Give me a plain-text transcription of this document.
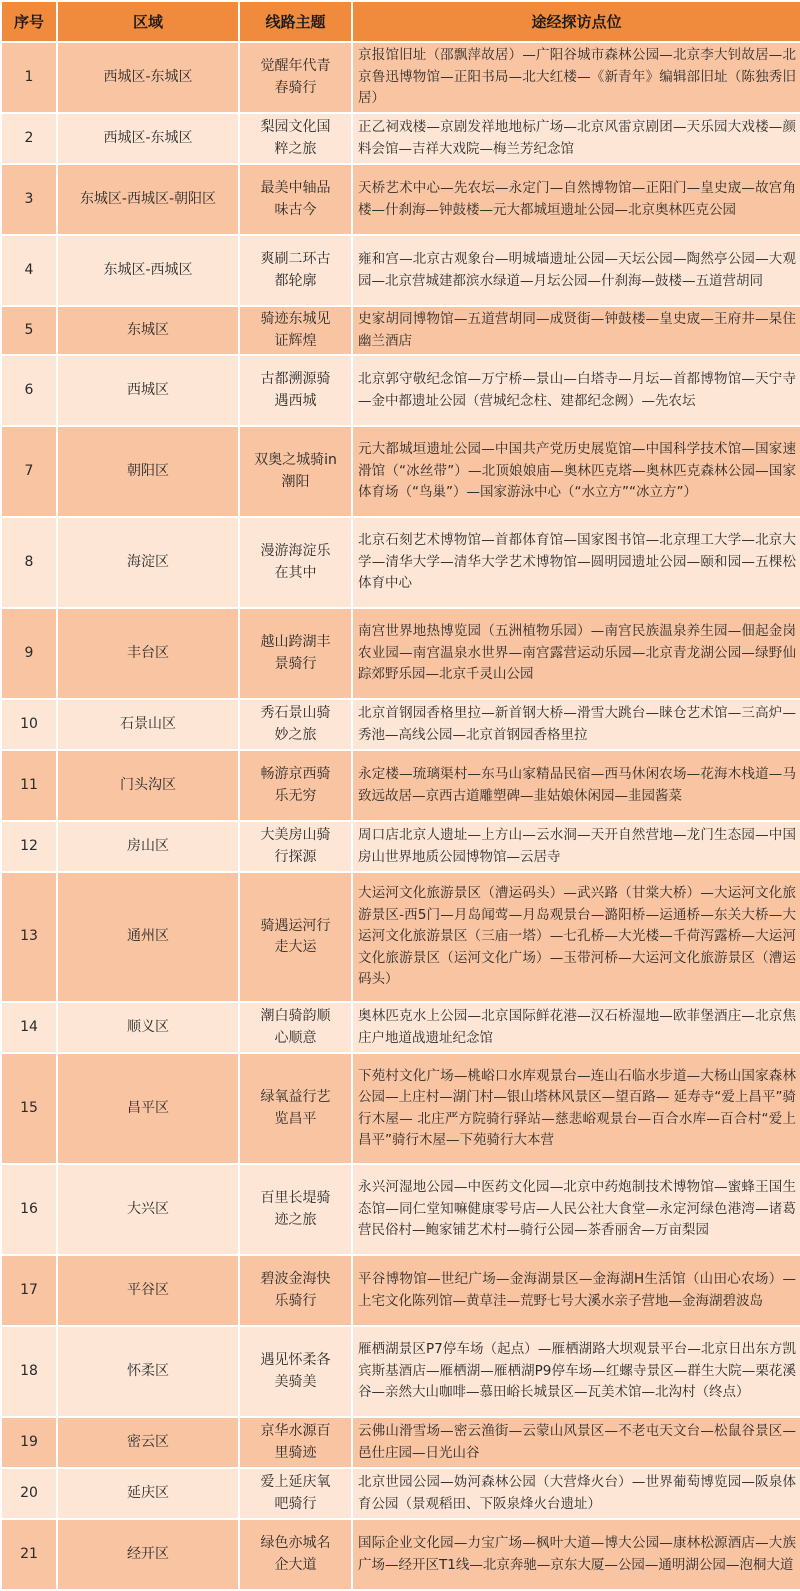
序号	区域	线路主题	途经探访点位
1	西城区-东城区	觉醒年代青春骑行	京报馆旧址（邵飘萍故居）—广阳谷城市森林公园—北京李大钊故居—北京鲁迅博物馆—正阳书局—北大红楼—《新青年》编辑部旧址（陈独秀旧居）
2	西城区-东城区	梨园文化国粹之旅	正乙祠戏楼—京剧发祥地地标广场—北京风雷京剧团—天乐园大戏楼—颜料会馆—吉祥大戏院—梅兰芳纪念馆
3	东城区-西城区-朝阳区	最美中轴品味古今	天桥艺术中心—先农坛—永定门—自然博物馆—正阳门—皇史宬—故宫角楼—什刹海—钟鼓楼—元大都城垣遗址公园—北京奥林匹克公园
4	东城区-西城区	爽刷二环古都轮廓	雍和宫—北京古观象台—明城墙遗址公园—天坛公园—陶然亭公园—大观园—北京营城建都滨水绿道—月坛公园—什刹海—鼓楼—五道营胡同
5	东城区	骑迹东城见证辉煌	史家胡同博物馆—五道营胡同—成贤街—钟鼓楼—皇史宬—王府井—杲住幽兰酒店
6	西城区	古都溯源骑遇西城	北京郭守敬纪念馆—万宁桥—景山—白塔寺—月坛—首都博物馆—天宁寺—金中都遗址公园（营城纪念柱、建都纪念阙）—先农坛
7	朝阳区	双奥之城骑in潮阳	元大都城垣遗址公园—中国共产党历史展览馆—中国科学技术馆—国家速滑馆（“冰丝带”）—北顶娘娘庙—奥林匹克塔—奥林匹克森林公园—国家体育场（“鸟巢”）—国家游泳中心（“水立方”“冰立方”）
8	海淀区	漫游海淀乐在其中	北京石刻艺术博物馆—首都体育馆—国家图书馆—北京理工大学—北京大学—清华大学—清华大学艺术博物馆—圆明园遗址公园—颐和园—五棵松体育中心
9	丰台区	越山跨湖丰景骑行	南宫世界地热博览园（五洲植物乐园）—南宫民族温泉养生园—佃起金岗农业园—南宫温泉水世界—南宫露营运动乐园—北京青龙湖公园—绿野仙踪郊野乐园—北京千灵山公园
10	石景山区	秀石景山骑妙之旅	北京首钢园香格里拉—新首钢大桥—滑雪大跳台—睐仓艺术馆—三高炉—秀池—高线公园—北京首钢园香格里拉
11	门头沟区	畅游京西骑乐无穷	永定楼—琉璃渠村—东马山家精品民宿—西马休闲农场—花海木栈道—马致远故居—京西古道雕塑碑—韭姑娘休闲园—韭园酱菜
12	房山区	大美房山骑行探源	周口店北京人遗址—上方山—云水洞—天开自然营地—龙门生态园—中国房山世界地质公园博物馆—云居寺
13	通州区	骑遇运河行走大运	大运河文化旅游景区（漕运码头）—武兴路（甘棠大桥）—大运河文化旅游景区-西5门—月岛闻莺—月岛观景台—潞阳桥—运通桥—东关大桥—大运河文化旅游景区（三庙一塔）—七孔桥—大光楼—千荷泻露桥—大运河文化旅游景区（运河文化广场）—玉带河桥—大运河文化旅游景区（漕运码头）
14	顺义区	潮白骑韵顺心顺意	奥林匹克水上公园—北京国际鲜花港—汉石桥湿地—欧菲堡酒庄—北京焦庄户地道战遗址纪念馆
15	昌平区	绿氧益行艺览昌平	下苑村文化广场—桃峪口水库观景台—连山石临水步道—大杨山国家森林公园—上庄村—湖门村—银山塔林风景区—望百路— 延寿寺“爱上昌平”骑行木屋— 北庄严方院骑行驿站—慈悲峪观景台—百合水库—百合村“爱上昌平”骑行木屋—下苑骑行大本营
16	大兴区	百里长堤骑迹之旅	永兴河湿地公园—中医药文化园—北京中药炮制技术博物馆—蜜蜂王国生态馆—同仁堂知嘛健康零号店—人民公社大食堂—永定河绿色港湾—诸葛营民俗村—鲍家铺艺术村—骑行公园—茶香丽舍—万亩梨园
17	平谷区	碧波金海快乐骑行	平谷博物馆—世纪广场—金海湖景区—金海湖H生活馆（山田心农场）—上宅文化陈列馆—黄草洼—荒野七号大溪水亲子营地—金海湖碧波岛
18	怀柔区	遇见怀柔各美骑美	雁栖湖景区P7停车场（起点）—雁栖湖路大坝观景平台—北京日出东方凯宾斯基酒店—雁栖湖—雁栖湖P9停车场—红螺寺景区—群生大院—栗花溪谷—亲然大山咖啡—慕田峪长城景区—瓦美术馆—北沟村（终点）
19	密云区	京华水源百里骑迹	云佛山滑雪场—密云渔街—云蒙山风景区—不老屯天文台—松鼠谷景区—邑仕庄园—日光山谷
20	延庆区	爱上延庆氧吧骑行	北京世园公园—妫河森林公园（大营烽火台）—世界葡萄博览园—阪泉体育公园（景观稻田、下阪泉烽火台遗址）
21	经开区	绿色亦城名企大道	国际企业文化园—力宝广场—枫叶大道—博大公园—康林松源酒店—大族广场—经开区T1线—北京奔驰—京东大厦—公园—通明湖公园—泡桐大道
